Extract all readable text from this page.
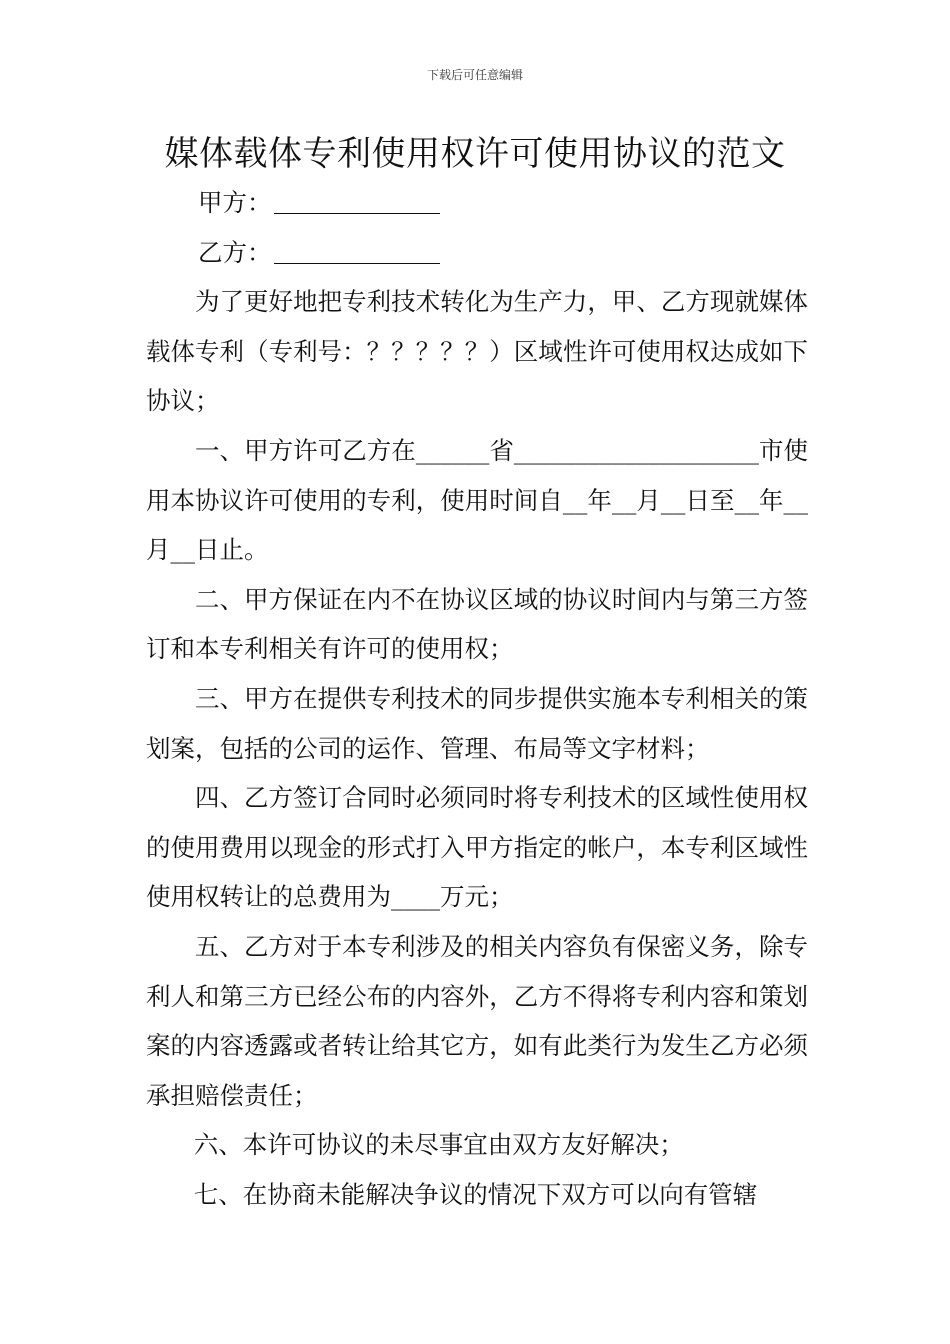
下载后可任意编辑
媒体载体专利使用权许可使用协议的范文

甲方：

乙方：

为了更好地把专利技术转化为生产力，甲、乙方现就媒体载体专利（专利号：？？？？？）区域性许可使用权达成如下协议；

一、甲方许可乙方在______省____________________市使用本协议许可使用的专利，使用时间自__年__月__日至__年__月__日止。

二、甲方保证在内不在协议区域的协议时间内与第三方签订和本专利相关有许可的使用权；

三、甲方在提供专利技术的同步提供实施本专利相关的策划案，包括的公司的运作、管理、布局等文字材料；

四、乙方签订合同时必须同时将专利技术的区域性使用权的使用费用以现金的形式打入甲方指定的帐户，本专利区域性使用权转让的总费用为____万元；

五、乙方对于本专利涉及的相关内容负有保密义务，除专利人和第三方已经公布的内容外，乙方不得将专利内容和策划案的内容透露或者转让给其它方，如有此类行为发生乙方必须承担赔偿责任；

六、本许可协议的未尽事宜由双方友好解决；

七、在协商未能解决争议的情况下双方可以向有管辖
